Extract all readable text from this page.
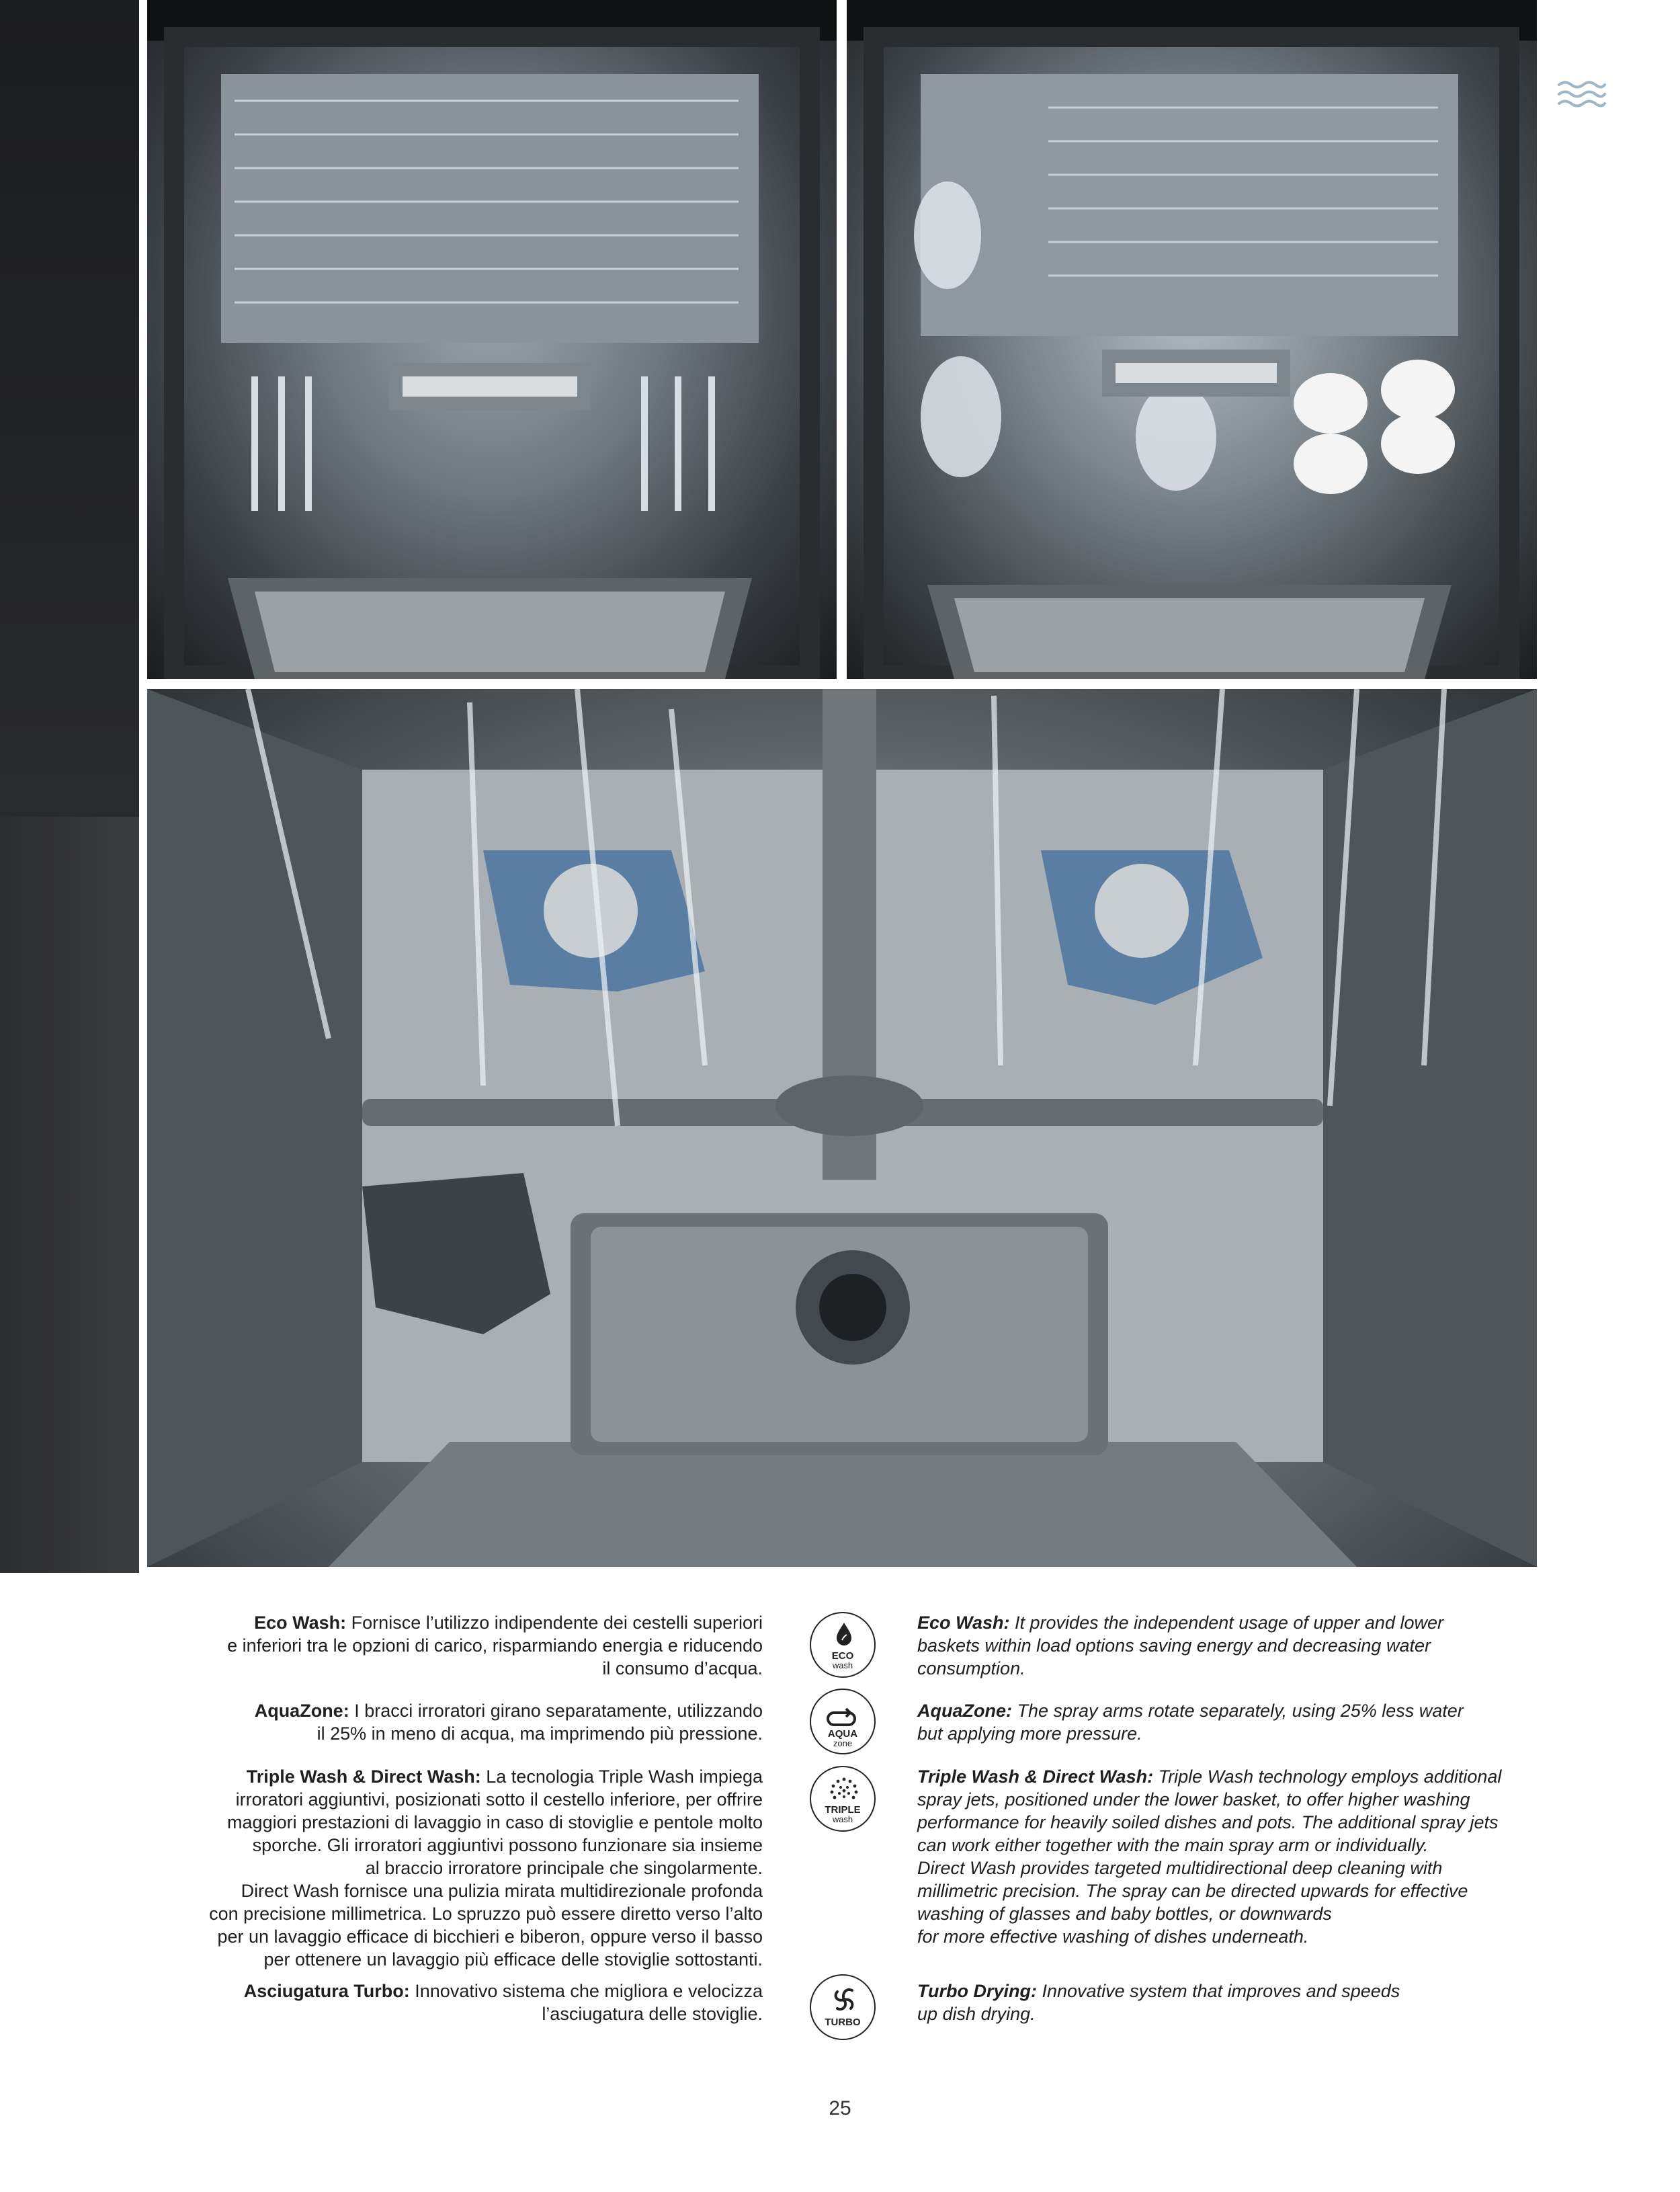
Eco Wash: Fornisce l’utilizzo indipendente dei cestelli superiori
e inferiori tra le opzioni di carico, risparmiando energia e riducendo
il consumo d’acqua.

ECO
wash

Eco Wash: It provides the independent usage of upper and lower
baskets within load options saving energy and decreasing water
consumption.

AquaZone: I bracci irroratori girano separatamente, utilizzando
il 25% in meno di acqua, ma imprimendo più pressione.	AQUA
zone

AquaZone: The spray arms rotate separately, using 25% less water
but applying more pressure.

Triple Wash & Direct Wash: La tecnologia Triple Wash impiega
irroratori aggiuntivi, posizionati sotto il cestello inferiore, per offrire
maggiori prestazioni di lavaggio in caso di stoviglie e pentole molto
sporche. Gli irroratori aggiuntivi possono funzionare sia insieme
al braccio irroratore principale che singolarmente.
Direct Wash fornisce una pulizia mirata multidirezionale profonda
con precisione millimetrica. Lo spruzzo può essere diretto verso l’alto
per un lavaggio efficace di bicchieri e biberon, oppure verso il basso
per ottenere un lavaggio più efficace delle stoviglie sottostanti.

TRIPLE
wash

Triple Wash & Direct Wash: Triple Wash technology employs additional
spray jets, positioned under the lower basket, to offer higher washing
performance for heavily soiled dishes and pots. The additional spray jets
can work either together with the main spray arm or individually.
Direct Wash provides targeted multidirectional deep cleaning with
millimetric precision. The spray can be directed upwards for effective
washing of glasses and baby bottles, or downwards
for more effective washing of dishes underneath.

Asciugatura Turbo: Innovativo sistema che migliora e velocizza
l’asciugatura delle stoviglie.	TURBO

Turbo Drying: Innovative system that improves and speeds
up dish drying.

25
